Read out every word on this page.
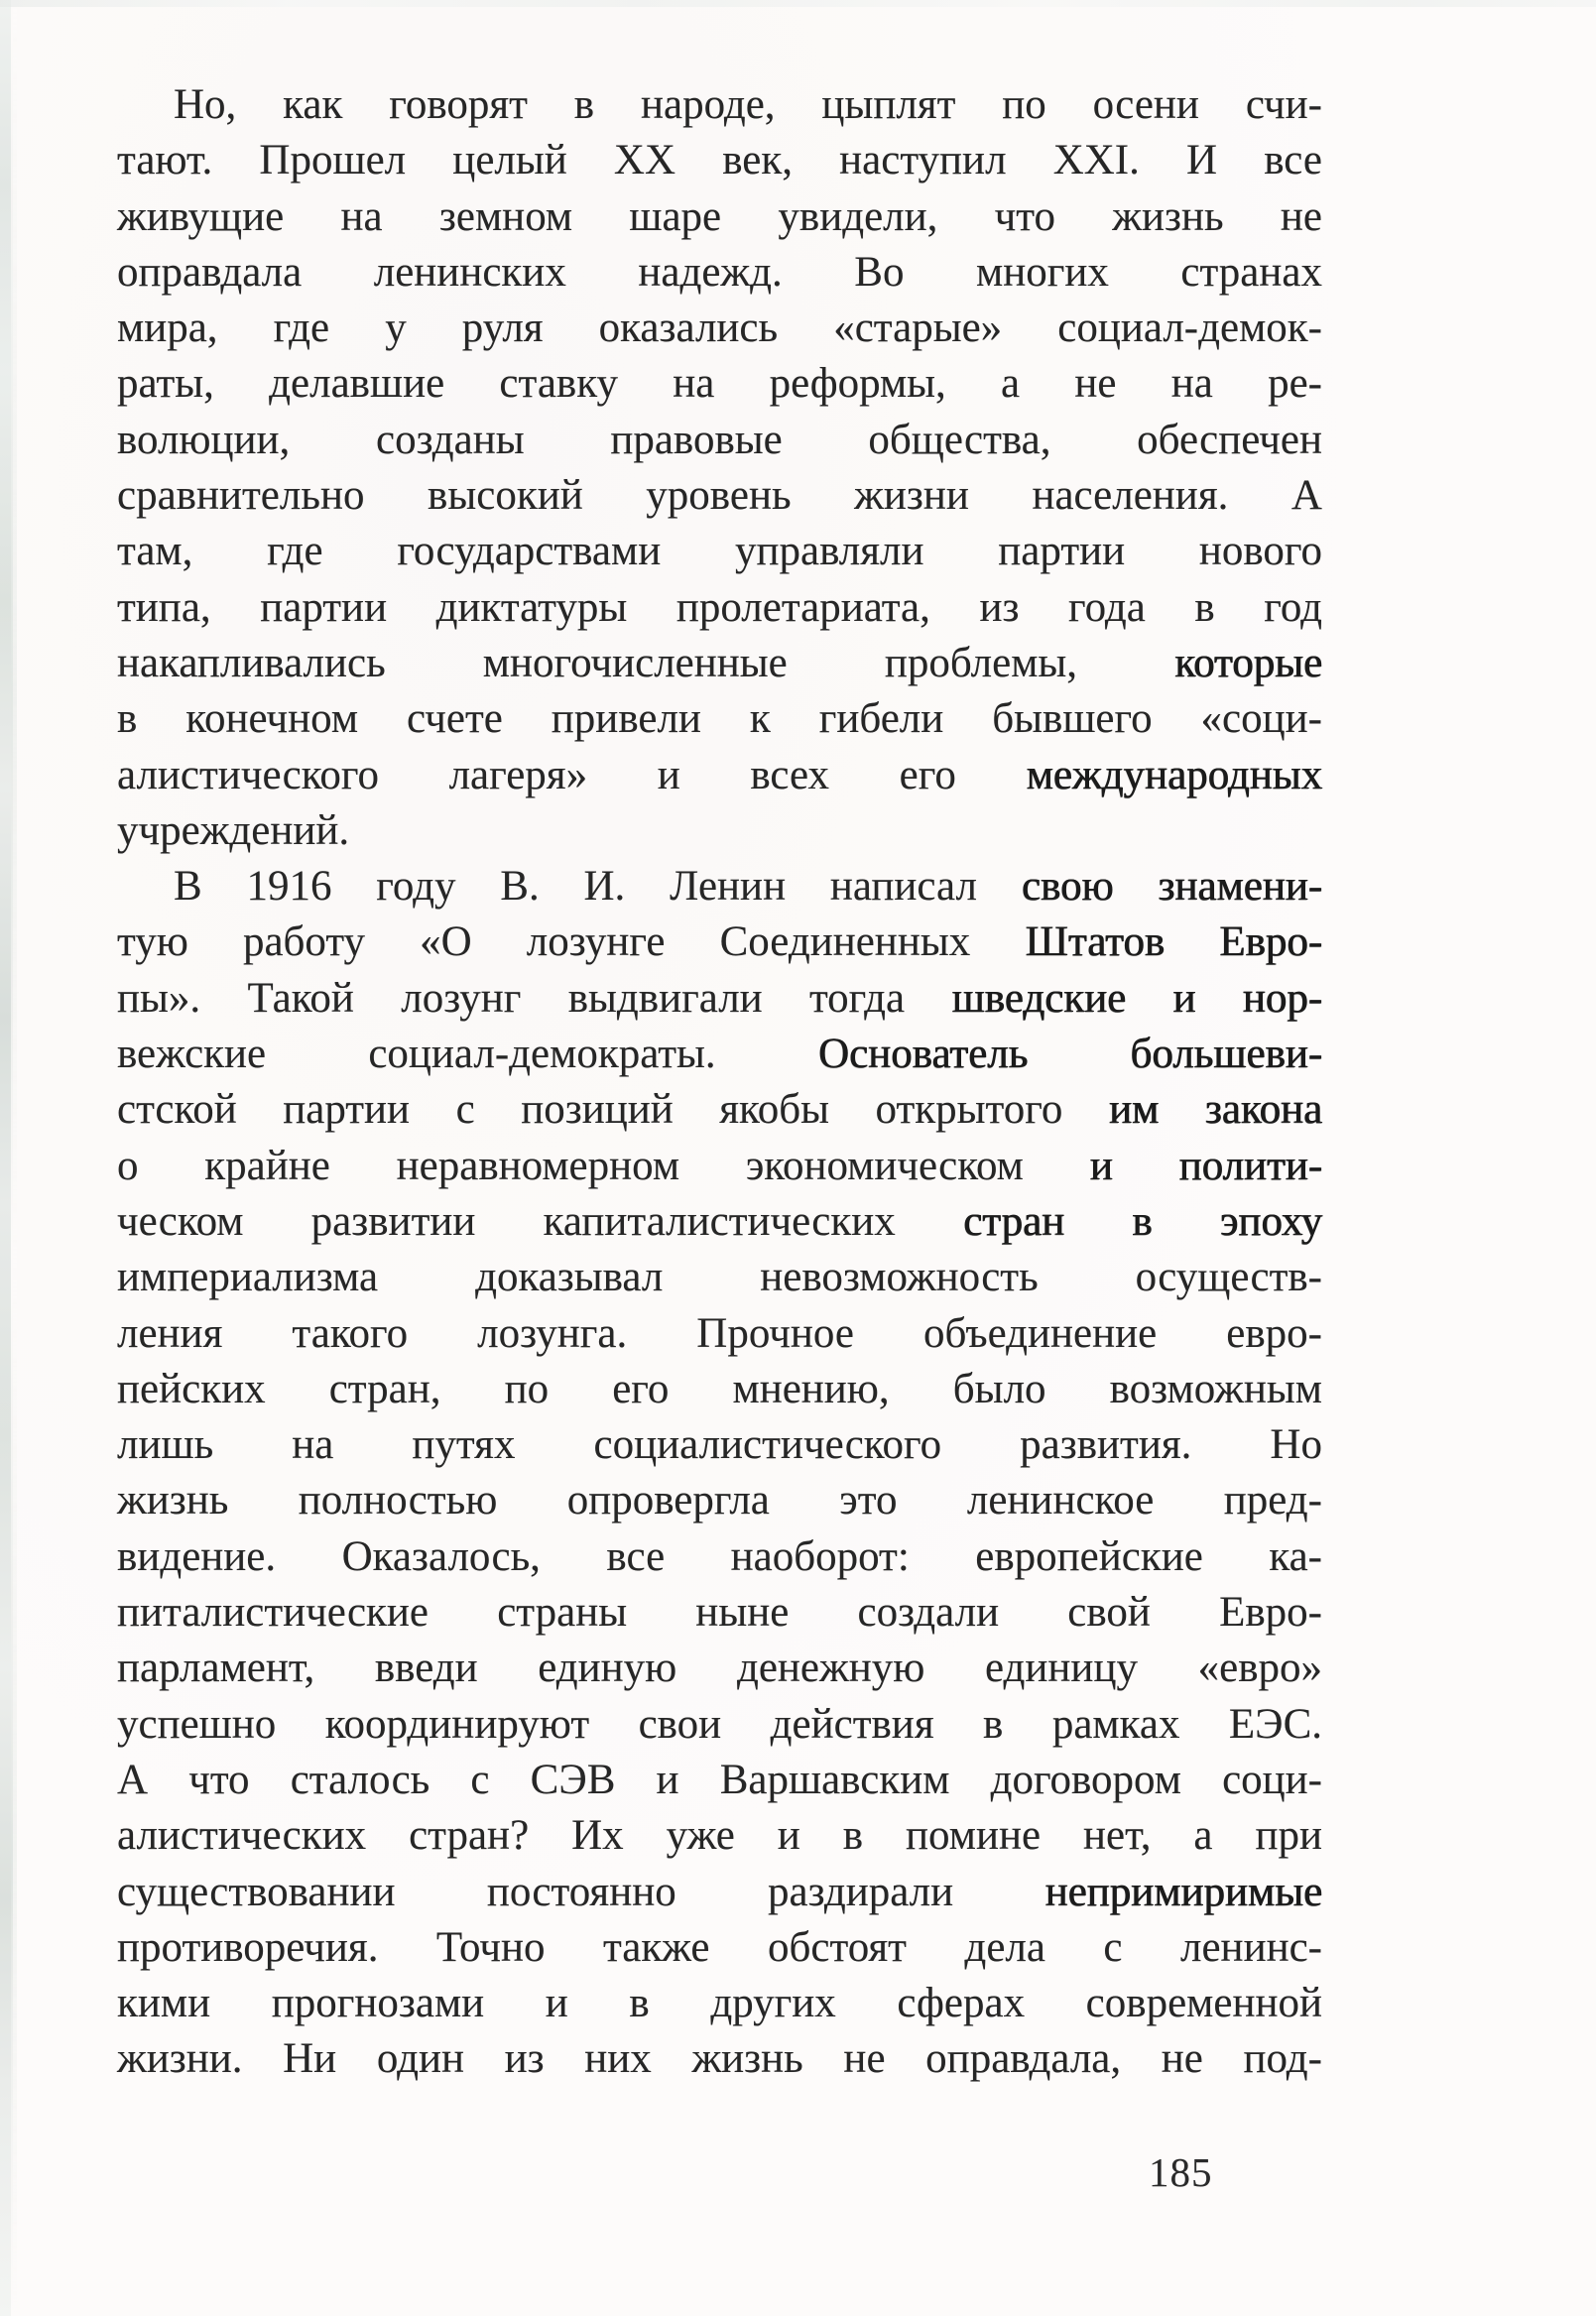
Но, как говорят в народе, цыплят по осени счи-
тают. Прошел целый XX век, наступил XXI. И все
живущие на земном шаре увидели, что жизнь не
оправдала ленинских надежд. Во многих странах
мира, где у руля оказались «старые» социал-демок-
раты, делавшие ставку на реформы, а не на ре-
волюции, созданы правовые общества, обеспечен
сравнительно высокий уровень жизни населения. А
там, где государствами управляли партии нового
типа, партии диктатуры пролетариата, из года в год
накапливались многочисленные проблемы, которые
в конечном счете привели к гибели бывшего «соци-
алистического лагеря» и всех его международных
учреждений.
В 1916 году В. И. Ленин написал свою знамени-
тую работу «О лозунге Соединенных Штатов Евро-
пы». Такой лозунг выдвигали тогда шведские и нор-
вежские социал-демократы. Основатель большеви-
стской партии с позиций якобы открытого им закона
о крайне неравномерном экономическом и полити-
ческом развитии капиталистических стран в эпоху
империализма доказывал невозможность осуществ-
ления такого лозунга. Прочное объединение евро-
пейских стран, по его мнению, было возможным
лишь на путях социалистического развития. Но
жизнь полностью опровергла это ленинское пред-
видение. Оказалось, все наоборот: европейские ка-
питалистические страны ныне создали свой Евро-
парламент, введи единую денежную единицу «евро»
успешно координируют свои действия в рамках ЕЭС.
А что сталось с СЭВ и Варшавским договором соци-
алистических стран? Их уже и в помине нет, а при
существовании постоянно раздирали непримиримые
противоречия. Точно также обстоят дела с ленинс-
кими прогнозами и в других сферах современной
жизни. Ни один из них жизнь не оправдала, не под-
185
